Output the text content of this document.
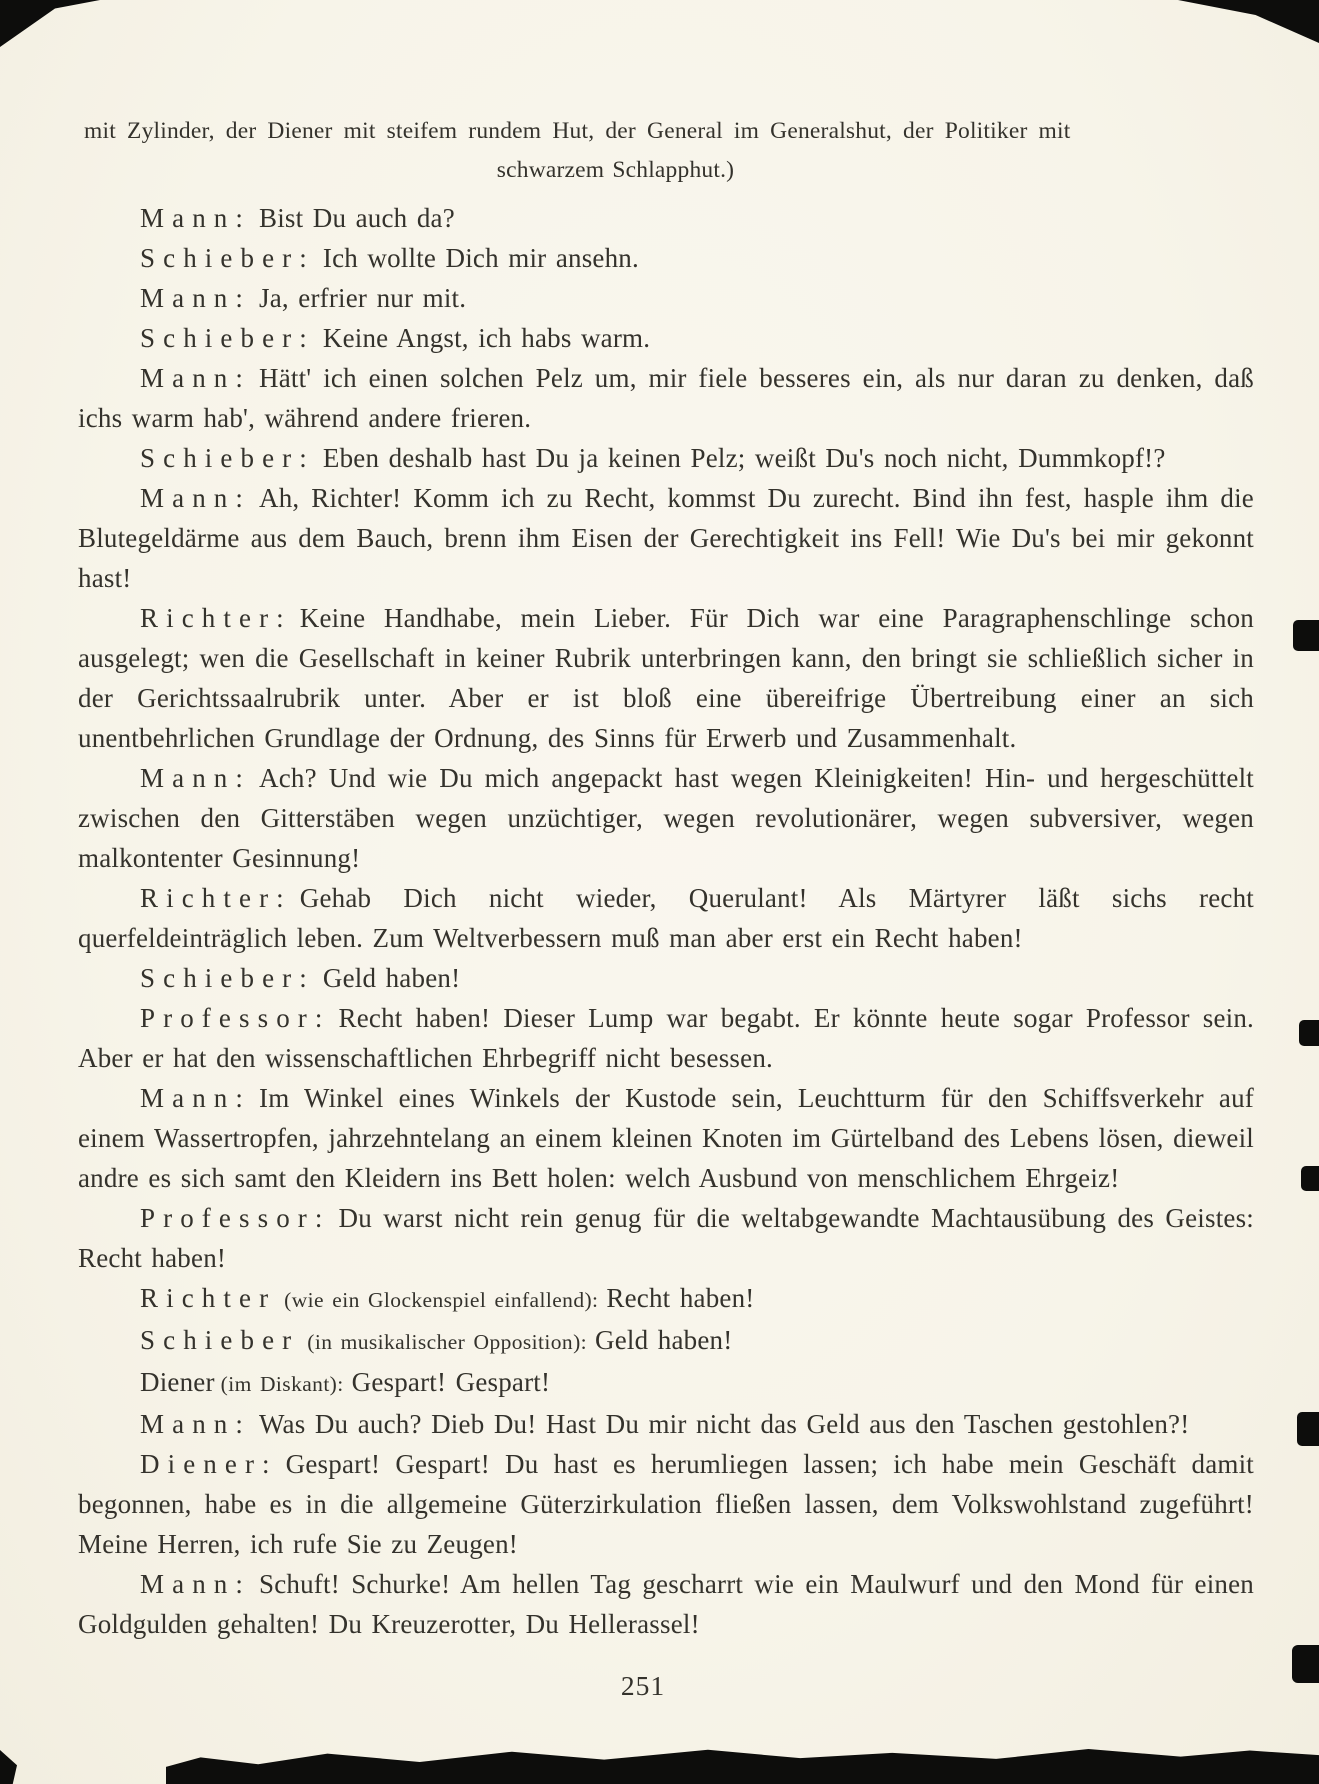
mit Zylinder, der Diener mit steifem rundem Hut, der General im Generalshut, der Politiker mit
schwarzem Schlapphut.)

Mann: Bist Du auch da?

Schieber: Ich wollte Dich mir ansehn.

Mann: Ja, erfrier nur mit.

Schieber: Keine Angst, ich habs warm.

Mann: Hätt' ich einen solchen Pelz um, mir fiele besseres ein, als nur daran zu denken, daß ichs warm hab', während andere frieren.

Schieber: Eben deshalb hast Du ja keinen Pelz; weißt Du's noch nicht, Dummkopf!?

Mann: Ah, Richter! Komm ich zu Recht, kommst Du zurecht. Bind ihn fest, hasple ihm die Blutegeldärme aus dem Bauch, brenn ihm Eisen der Gerechtigkeit ins Fell! Wie Du's bei mir gekonnt hast!

Richter: Keine Handhabe, mein Lieber. Für Dich war eine Paragraphenschlinge schon ausgelegt; wen die Gesellschaft in keiner Rubrik unterbringen kann, den bringt sie schließlich sicher in der Gerichtssaalrubrik unter. Aber er ist bloß eine übereifrige Übertreibung einer an sich unentbehrlichen Grundlage der Ordnung, des Sinns für Erwerb und Zusammenhalt.

Mann: Ach? Und wie Du mich angepackt hast wegen Kleinigkeiten! Hin- und hergeschüttelt zwischen den Gitterstäben wegen unzüchtiger, wegen revolutionärer, wegen subversiver, wegen malkontenter Gesinnung!

Richter: Gehab Dich nicht wieder, Querulant! Als Märtyrer läßt sichs recht querfeldeinträglich leben. Zum Weltverbessern muß man aber erst ein Recht haben!

Schieber: Geld haben!

Professor: Recht haben! Dieser Lump war begabt. Er könnte heute sogar Professor sein. Aber er hat den wissenschaftlichen Ehrbegriff nicht besessen.

Mann: Im Winkel eines Winkels der Kustode sein, Leuchtturm für den Schiffsverkehr auf einem Wassertropfen, jahrzehntelang an einem kleinen Knoten im Gürtelband des Lebens lösen, dieweil andre es sich samt den Kleidern ins Bett holen: welch Ausbund von menschlichem Ehrgeiz!

Professor: Du warst nicht rein genug für die weltabgewandte Machtausübung des Geistes: Recht haben!

Richter (wie ein Glockenspiel einfallend): Recht haben!

Schieber (in musikalischer Opposition): Geld haben!

Diener (im Diskant): Gespart! Gespart!

Mann: Was Du auch? Dieb Du! Hast Du mir nicht das Geld aus den Taschen gestohlen?!

Diener: Gespart! Gespart! Du hast es herumliegen lassen; ich habe mein Geschäft damit begonnen, habe es in die allgemeine Güterzirkulation fließen lassen, dem Volkswohlstand zugeführt! Meine Herren, ich rufe Sie zu Zeugen!

Mann: Schuft! Schurke! Am hellen Tag gescharrt wie ein Maulwurf und den Mond für einen Goldgulden gehalten! Du Kreuzerotter, Du Hellerassel!

251
